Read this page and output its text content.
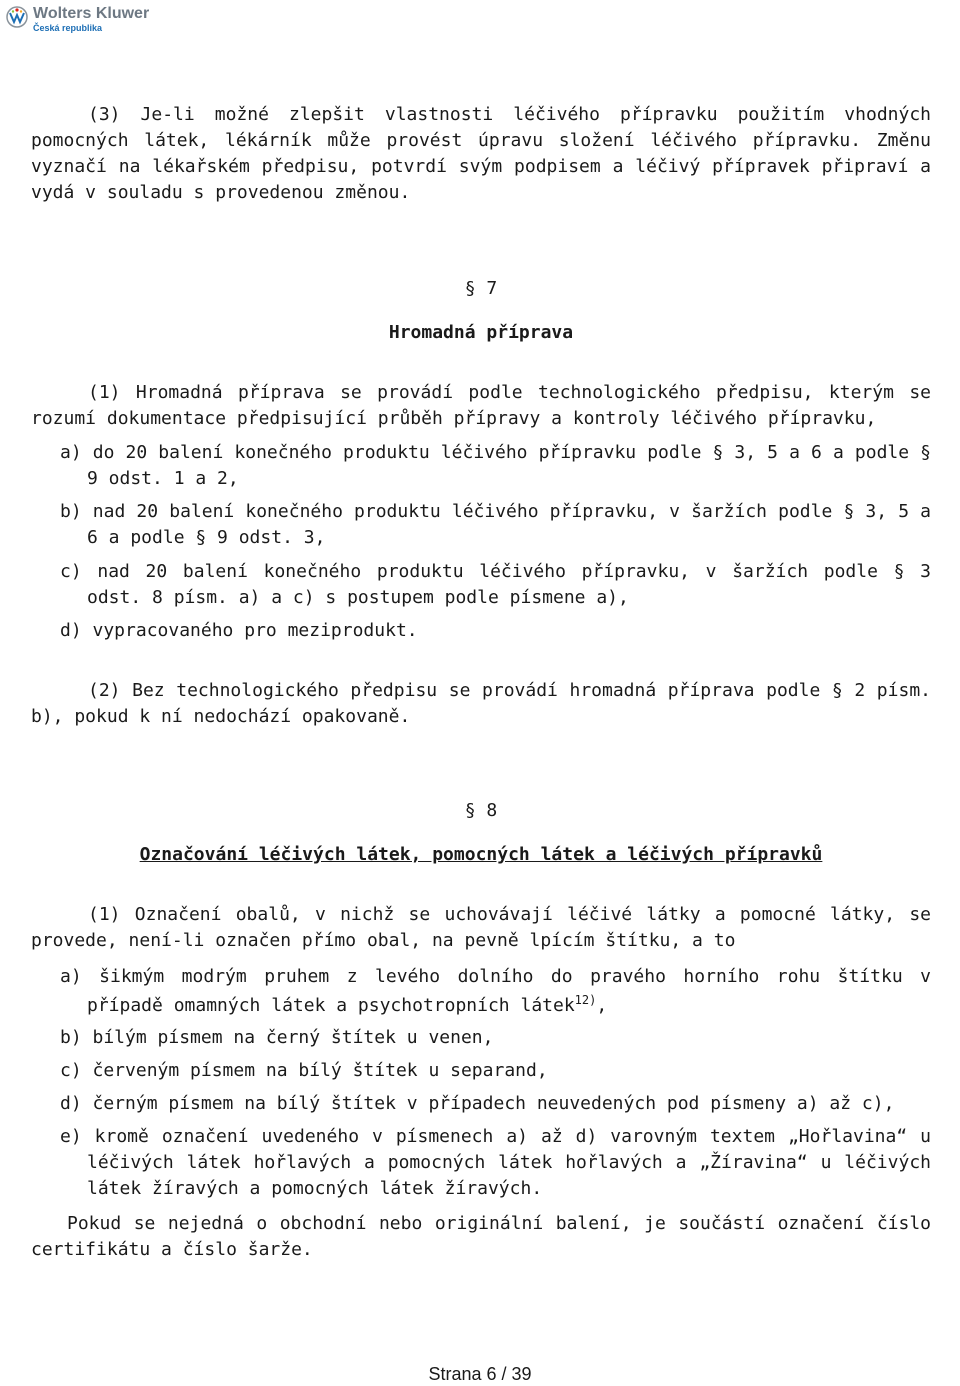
Wolters Kluwer
Česká republika

(3) Je-li možné zlepšit vlastnosti léčivého přípravku použitím vhodných pomocných látek, lékárník může provést úpravu složení léčivého přípravku. Změnu vyznačí na lékařském předpisu, potvrdí svým podpisem a léčivý přípravek připraví a vydá v souladu s provedenou změnou.

§ 7

Hromadná příprava

(1) Hromadná příprava se provádí podle technologického předpisu, kterým se rozumí dokumentace předpisující průběh přípravy a kontroly léčivého přípravku,

a) do 20 balení konečného produktu léčivého přípravku podle § 3, 5 a 6 a podle § 9 odst. 1 a 2,

b) nad 20 balení konečného produktu léčivého přípravku, v šaržích podle § 3, 5 a 6 a podle § 9 odst. 3,

c) nad 20 balení konečného produktu léčivého přípravku, v šaržích podle § 3 odst. 8 písm. a) a c) s postupem podle písmene a),

d) vypracovaného pro meziprodukt.

(2) Bez technologického předpisu se provádí hromadná příprava podle § 2 písm. b), pokud k ní nedochází opakovaně.

§ 8

Označování léčivých látek, pomocných látek a léčivých přípravků

(1) Označení obalů, v nichž se uchovávají léčivé látky a pomocné látky, se provede, není-li označen přímo obal, na pevně lpícím štítku, a to

a) šikmým modrým pruhem z levého dolního do pravého horního rohu štítku v případě omamných látek a psychotropních látek$^{12)}$,

b) bílým písmem na černý štítek u venen,

c) červeným písmem na bílý štítek u separand,

d) černým písmem na bílý štítek v případech neuvedených pod písmeny a) až c),

e) kromě označení uvedeného v písmenech a) až d) varovným textem „Hořlavina“ u léčivých látek hořlavých a pomocných látek hořlavých a „Žíravina“ u léčivých látek žíravých a pomocných látek žíravých.

Pokud se nejedná o obchodní nebo originální balení, je součástí označení číslo certifikátu a číslo šarže.

Strana 6 / 39
